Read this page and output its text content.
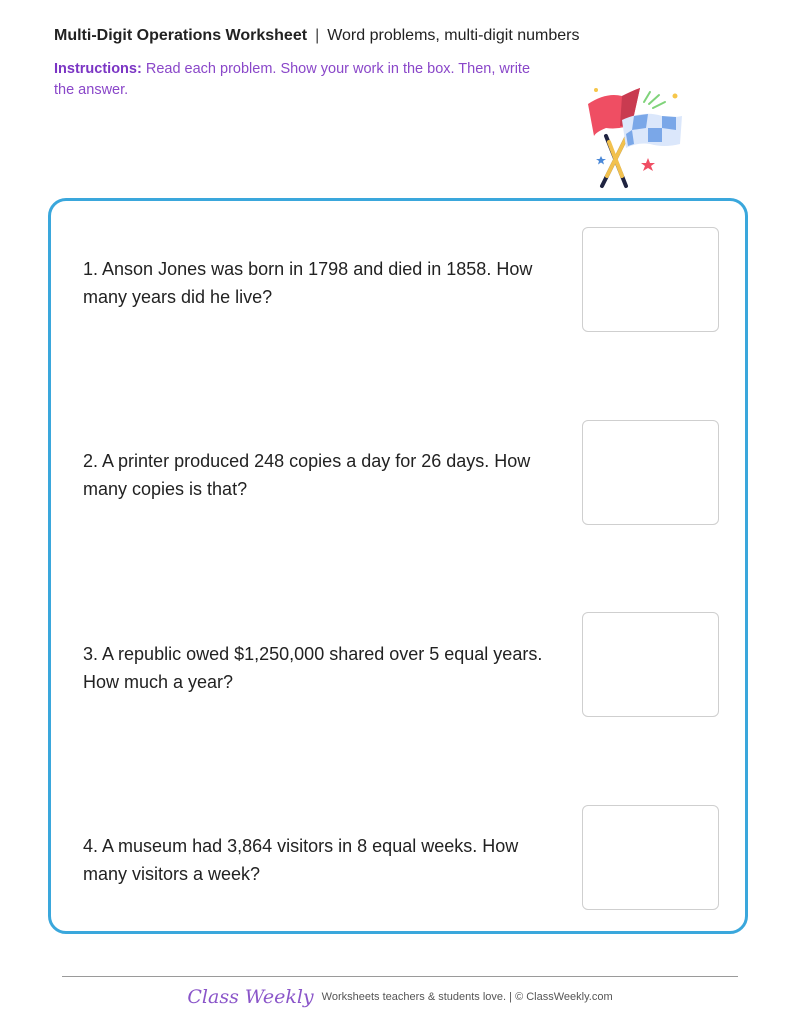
Multi-Digit Operations Worksheet | Word problems, multi-digit numbers
Instructions: Read each problem. Show your work in the box. Then, write the answer.
1. Anson Jones was born in 1798 and died in 1858. How many years did he live?
2. A printer produced 248 copies a day for 26 days. How many copies is that?
3. A republic owed $1,250,000 shared over 5 equal years. How much a year?
4. A museum had 3,864 visitors in 8 equal weeks. How many visitors a week?
Class Weekly Worksheets teachers & students love. | © ClassWeekly.com
